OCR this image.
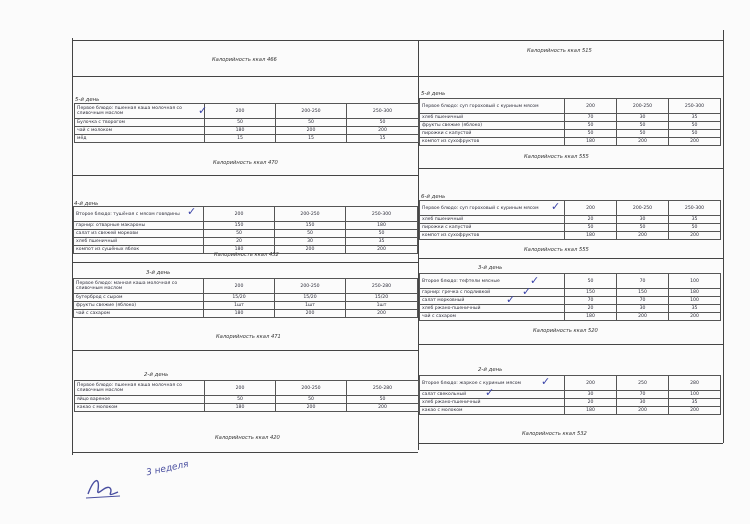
Калорийность ккал 466
Калорийность ккал 515
5-й день
Первое блюдо: пшенная каша молочная со сливочным маслом	200	200-250	250-300
Булочка с творогом	50	50	50
чай с молоком	180	200	200
мёд	15	15	15
✓
Калорийность ккал 470
5-й день
Первое блюдо: суп гороховый с куриным мясом	200	200-250	250-300
хлеб пшеничный	70	30	35
фрукты свежие (яблоко)	50	50	50
пирожки с капустой	50	50	50
компот из сухофруктов	180	200	200
Калорийность ккал 555
4-й день
Второе блюдо: тушёная с мясом говядины	200	200-250	250-300
гарнир: отварные макароны	150	150	180
салат из свежей моркови	50	50	50
хлеб пшеничный	20	30	35
компот из сушёных яблок	180	200	200
✓
Калорийность ккал 432
6-й день
Первое блюдо: суп гороховый с куриным мясом	200	200-250	250-300
хлеб пшеничный	20	30	35
пирожки с капустой	50	50	50
компот из сухофруктов	180	200	200
✓
Калорийность ккал 555
3-й день
Первое блюдо: манная каша молочная со сливочным маслом	200	200-250	250-280
бутерброд с сыром	15/20	15/20	15/20
фрукты свежие (яблоко)	1шт	1шт	1шт
чай с сахаром	180	200	200
Калорийность ккал 471
3-й день
Второе блюдо: тефтели мясные	50	70	100
гарнир: гречка с подливкой	150	150	180
салат морковный	70	70	100
хлеб ржано-пшеничный	20	30	35
чай с сахаром	180	200	200
✓
✓
✓
Калорийность ккал 520
2-й день
Первое блюдо: пшенная каша молочная со сливочным маслом	200	200-250	250-280
яйцо вареное	50	50	50
какао с молоком	180	200	200
Калорийность ккал 420
2-й день
Второе блюдо: жаркое с куриным мясом	200	250	280
салат свекольный	30	70	100
хлеб ржано-пшеничный	20	30	35
какао с молоком	180	200	200
✓
✓
Калорийность ккал 532
3 неделя
